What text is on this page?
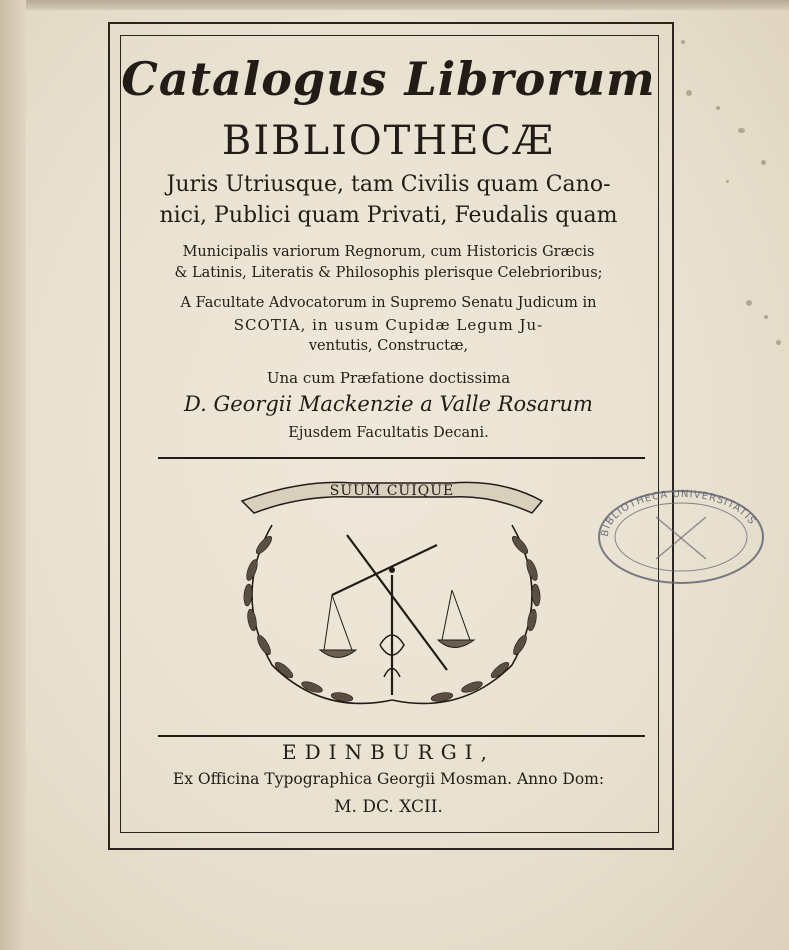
Catalogus Librorum
BIBLIOTHECÆ
Juris Utriusque, tam Civilis quam Cano-
nici, Publici quam Privati, Feudalis quam
Municipalis variorum Regnorum, cum Historicis Græcis
& Latinis, Literatis & Philosophis plerisque Celebrioribus;
A Facultate Advocatorum in Supremo Senatu Judicum in
SCOTIA, in usum Cupidæ Legum Ju-
ventutis, Constructæ,
Una cum Præfatione doctissima
D. Georgii Mackenzie a Valle Rosarum
Ejusdem Facultatis Decani.
SUUM CUIQUE
EDINBURGI,
Ex Officina Typographica Georgii Mosman. Anno Dom:
M. DC. XCII.
BIBLIOTHECA UNIVERSITATIS
